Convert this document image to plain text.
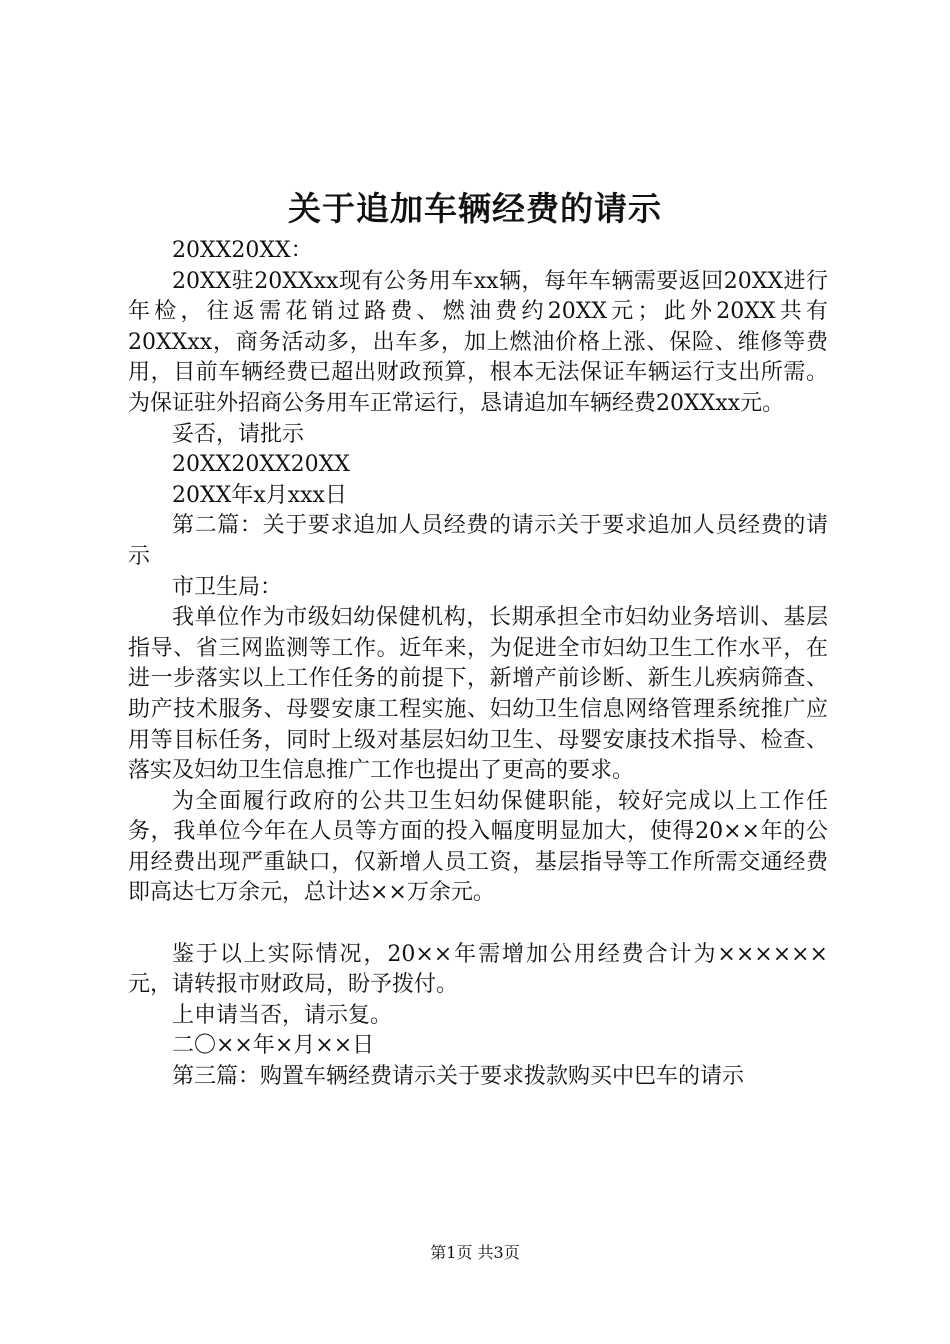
关于追加车辆经费的请示

20XX20XX：

20XX驻20XXxx现有公务用车xx辆，每年车辆需要返回20XX进行年检，往返需花销过路费、燃油费约20XX元；此外20XX共有20XXxx，商务活动多，出车多，加上燃油价格上涨、保险、维修等费用，目前车辆经费已超出财政预算，根本无法保证车辆运行支出所需。为保证驻外招商公务用车正常运行，恳请追加车辆经费20XXxx元。

妥否，请批示

20XX20XX20XX

20XX年x月xxx日

第二篇：关于要求追加人员经费的请示关于要求追加人员经费的请示

市卫生局：

我单位作为市级妇幼保健机构，长期承担全市妇幼业务培训、基层指导、省三网监测等工作。近年来，为促进全市妇幼卫生工作水平，在进一步落实以上工作任务的前提下，新增产前诊断、新生儿疾病筛查、助产技术服务、母婴安康工程实施、妇幼卫生信息网络管理系统推广应用等目标任务，同时上级对基层妇幼卫生、母婴安康技术指导、检查、落实及妇幼卫生信息推广工作也提出了更高的要求。

为全面履行政府的公共卫生妇幼保健职能，较好完成以上工作任务，我单位今年在人员等方面的投入幅度明显加大，使得20××年的公用经费出现严重缺口，仅新增人员工资，基层指导等工作所需交通经费即高达七万余元，总计达××万余元。

鉴于以上实际情况，20××年需增加公用经费合计为××××××元，请转报市财政局，盼予拨付。

上申请当否，请示复。

二〇××年×月××日

第三篇：购置车辆经费请示关于要求拨款购买中巴车的请示

第1页 共3页
